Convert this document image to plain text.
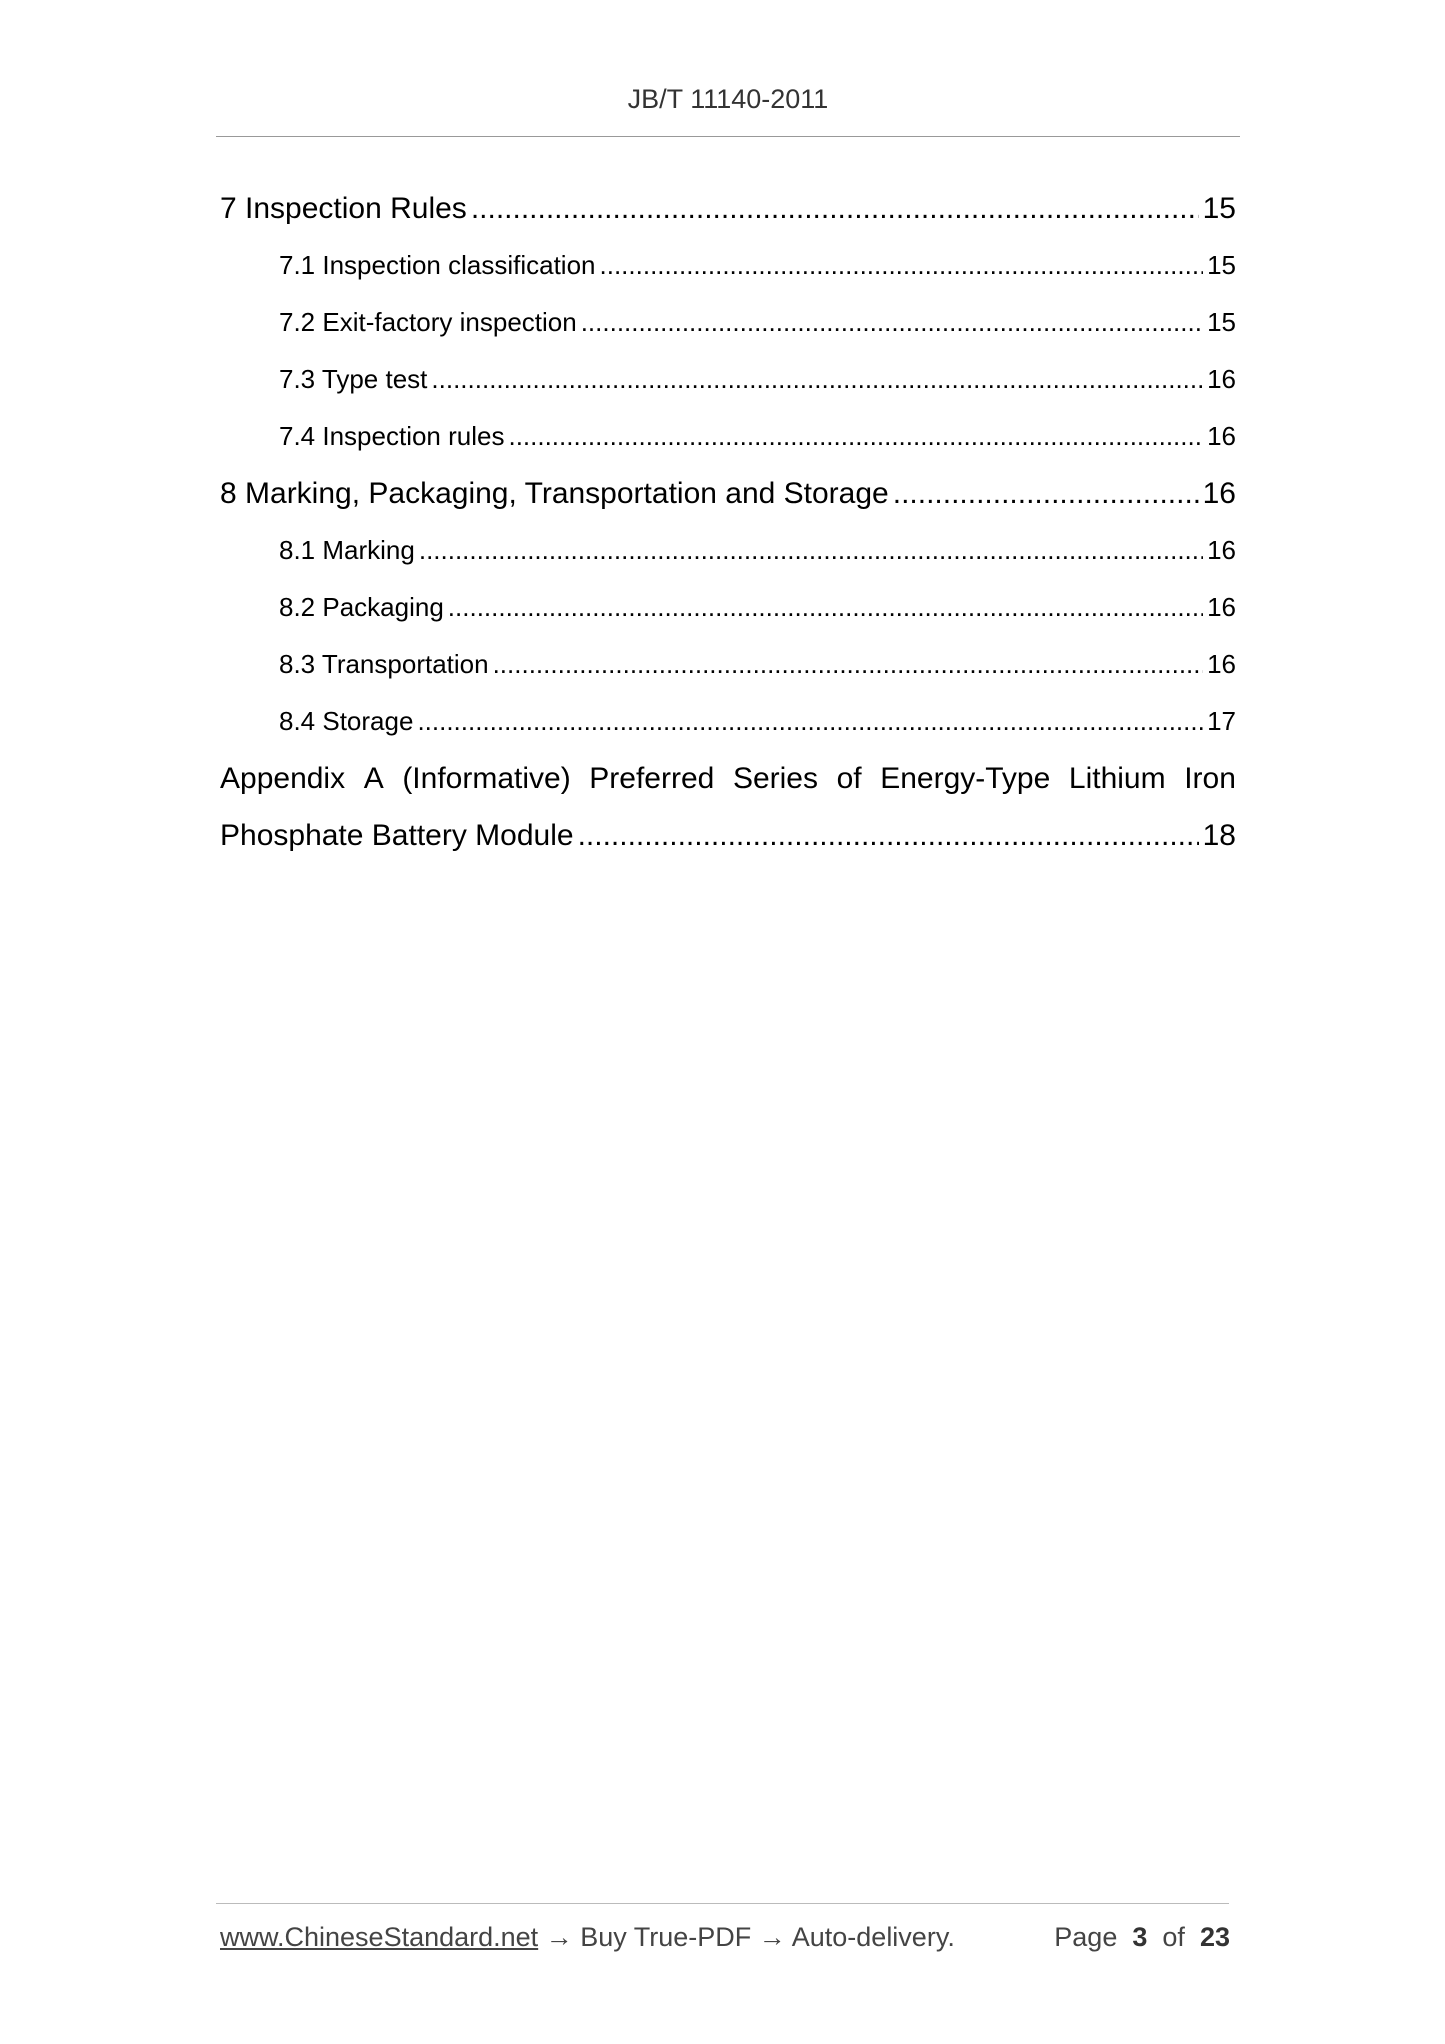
JB/T 11140-2011
7 Inspection Rules .....	15
7.1 Inspection classification .....	15
7.2 Exit-factory inspection .....	15
7.3 Type test .....	16
7.4 Inspection rules .....	16
8 Marking, Packaging, Transportation and Storage .....	16
8.1 Marking .....	16
8.2 Packaging .....	16
8.3 Transportation .....	16
8.4 Storage .....	17
Appendix A (Informative) Preferred Series of Energy-Type Lithium Iron
Phosphate Battery Module .....	18
www.ChineseStandard.net → Buy True-PDF → Auto-delivery.	Page 3 of 23
